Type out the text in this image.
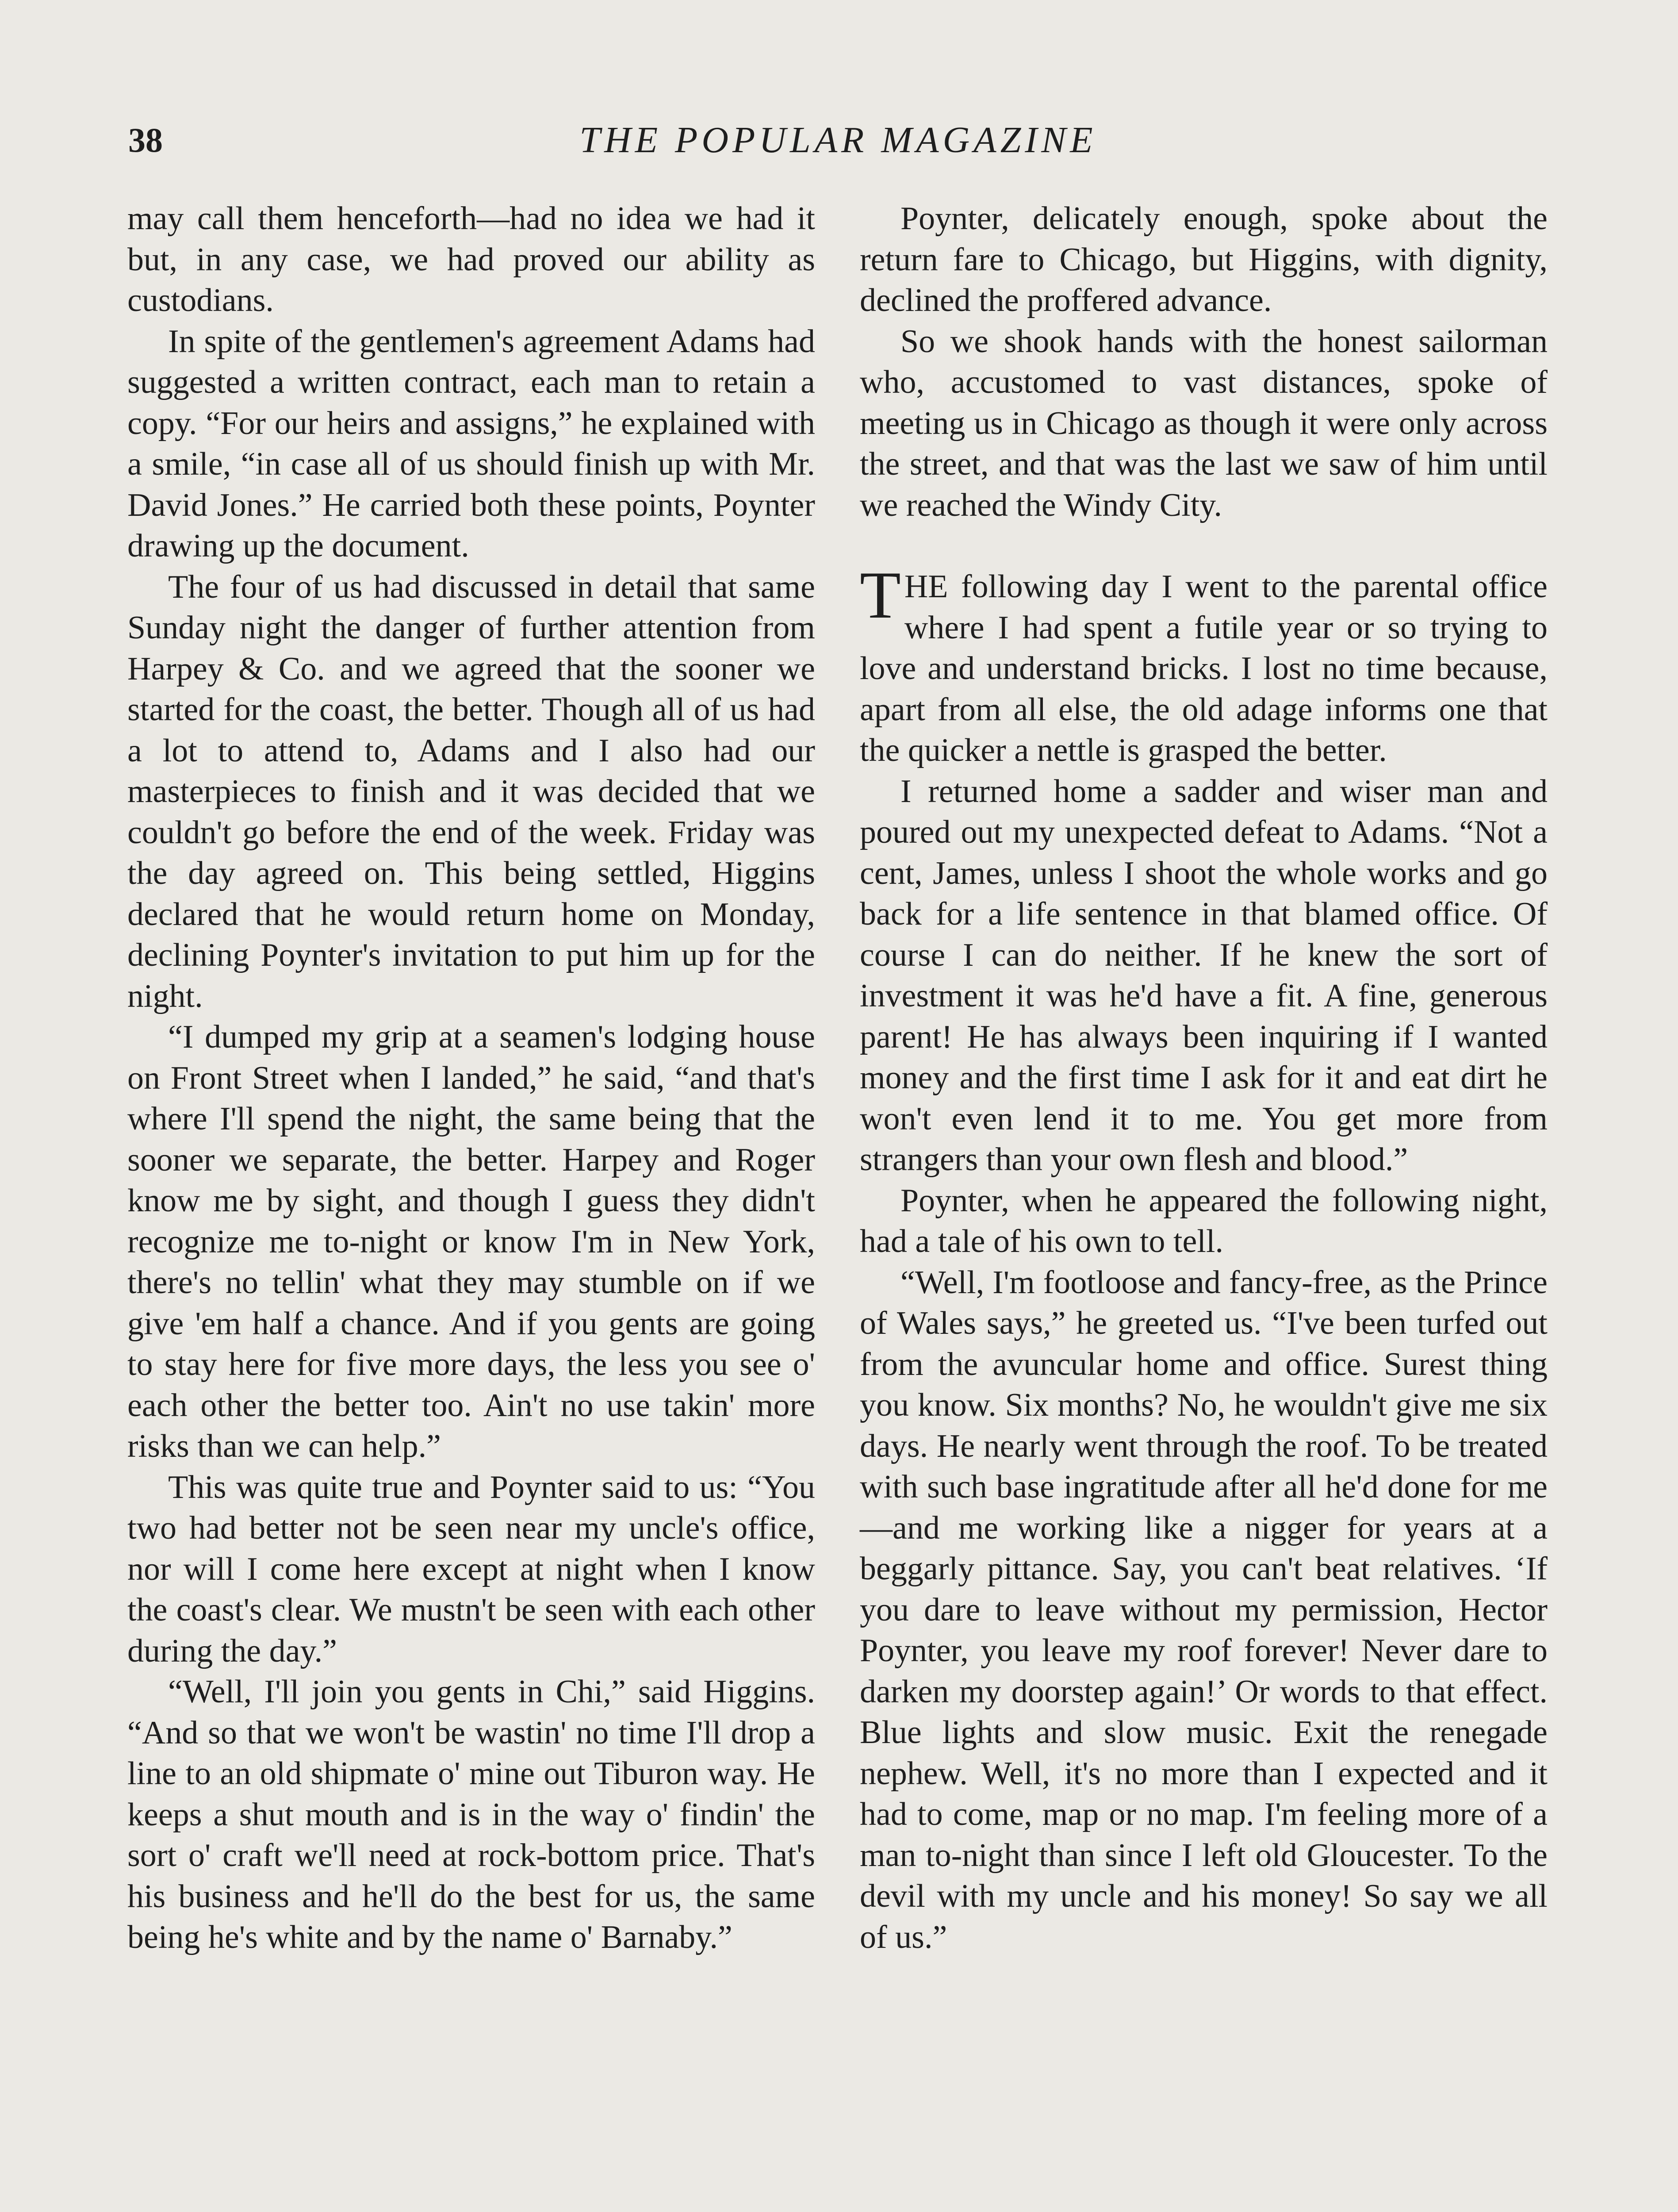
38	THE POPULAR MAGAZINE

may call them henceforth—had no idea we had it but, in any case, we had proved our ability as custodians.

In spite of the gentlemen's agreement Adams had suggested a written contract, each man to retain a copy. “For our heirs and assigns,” he explained with a smile, “in case all of us should finish up with Mr. David Jones.” He carried both these points, Poynter drawing up the document.

The four of us had discussed in detail that same Sunday night the danger of further attention from Harpey & Co. and we agreed that the sooner we started for the coast, the better. Though all of us had a lot to attend to, Adams and I also had our masterpieces to finish and it was decided that we couldn't go before the end of the week. Friday was the day agreed on. This being settled, Higgins declared that he would return home on Monday, declining Poynter's invitation to put him up for the night.

“I dumped my grip at a seamen's lodging house on Front Street when I landed,” he said, “and that's where I'll spend the night, the same being that the sooner we separate, the better. Harpey and Roger know me by sight, and though I guess they didn't recognize me to-night or know I'm in New York, there's no tellin' what they may stumble on if we give 'em half a chance. And if you gents are going to stay here for five more days, the less you see o' each other the better too. Ain't no use takin' more risks than we can help.”

This was quite true and Poynter said to us: “You two had better not be seen near my uncle's office, nor will I come here except at night when I know the coast's clear. We mustn't be seen with each other during the day.”

“Well, I'll join you gents in Chi,” said Higgins. “And so that we won't be wastin' no time I'll drop a line to an old shipmate o' mine out Tiburon way. He keeps a shut mouth and is in the way o' findin' the sort o' craft we'll need at rock-bottom price. That's his business and he'll do the best for us, the same being he's white and by the name o' Barnaby.”

Poynter, delicately enough, spoke about the return fare to Chicago, but Higgins, with dignity, declined the proffered advance.

So we shook hands with the honest sailorman who, accustomed to vast distances, spoke of meeting us in Chicago as though it were only across the street, and that was the last we saw of him until we reached the Windy City.

THE following day I went to the parental office where I had spent a futile year or so trying to love and understand bricks. I lost no time because, apart from all else, the old adage informs one that the quicker a nettle is grasped the better.

I returned home a sadder and wiser man and poured out my unexpected defeat to Adams. “Not a cent, James, unless I shoot the whole works and go back for a life sentence in that blamed office. Of course I can do neither. If he knew the sort of investment it was he'd have a fit. A fine, generous parent! He has always been inquiring if I wanted money and the first time I ask for it and eat dirt he won't even lend it to me. You get more from strangers than your own flesh and blood.”

Poynter, when he appeared the following night, had a tale of his own to tell.

“Well, I'm footloose and fancy-free, as the Prince of Wales says,” he greeted us. “I've been turfed out from the avuncular home and office. Surest thing you know. Six months? No, he wouldn't give me six days. He nearly went through the roof. To be treated with such base ingratitude after all he'd done for me—and me working like a nigger for years at a beggarly pittance. Say, you can't beat relatives. ‘If you dare to leave without my permission, Hector Poynter, you leave my roof forever! Never dare to darken my doorstep again!’ Or words to that effect. Blue lights and slow music. Exit the renegade nephew. Well, it's no more than I expected and it had to come, map or no map. I'm feeling more of a man to-night than since I left old Gloucester. To the devil with my uncle and his money! So say we all of us.”
